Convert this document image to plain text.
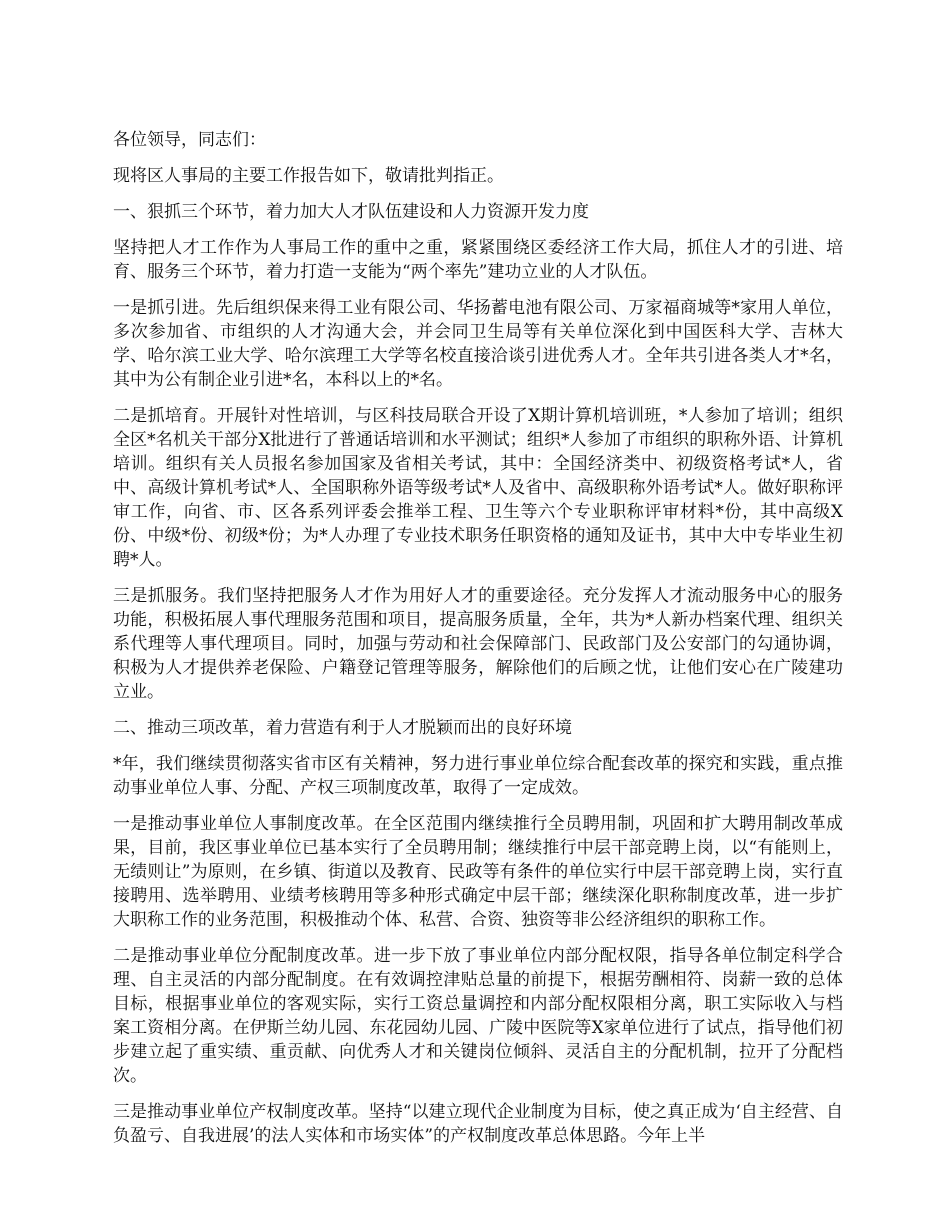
各位领导，同志们：

现将区人事局的主要工作报告如下，敬请批判指正。

一、狠抓三个环节，着力加大人才队伍建设和人力资源开发力度

坚持把人才工作作为人事局工作的重中之重，紧紧围绕区委经济工作大局，抓住人才的引进、培育、服务三个环节，着力打造一支能为“两个率先”建功立业的人才队伍。

一是抓引进。先后组织保来得工业有限公司、华扬蓄电池有限公司、万家福商城等*家用人单位，多次参加省、市组织的人才沟通大会，并会同卫生局等有关单位深化到中国医科大学、吉林大学、哈尔滨工业大学、哈尔滨理工大学等名校直接洽谈引进优秀人才。全年共引进各类人才*名，其中为公有制企业引进*名，本科以上的*名。

二是抓培育。开展针对性培训，与区科技局联合开设了X期计算机培训班，*人参加了培训；组织全区*名机关干部分X批进行了普通话培训和水平测试；组织*人参加了市组织的职称外语、计算机培训。组织有关人员报名参加国家及省相关考试，其中：全国经济类中、初级资格考试*人，省中、高级计算机考试*人、全国职称外语等级考试*人及省中、高级职称外语考试*人。做好职称评审工作，向省、市、区各系列评委会推举工程、卫生等六个专业职称评审材料*份，其中高级X份、中级*份、初级*份；为*人办理了专业技术职务任职资格的通知及证书，其中大中专毕业生初聘*人。

三是抓服务。我们坚持把服务人才作为用好人才的重要途径。充分发挥人才流动服务中心的服务功能，积极拓展人事代理服务范围和项目，提高服务质量，全年，共为*人新办档案代理、组织关系代理等人事代理项目。同时，加强与劳动和社会保障部门、民政部门及公安部门的勾通协调，积极为人才提供养老保险、户籍登记管理等服务，解除他们的后顾之忧，让他们安心在广陵建功立业。

二、推动三项改革，着力营造有利于人才脱颖而出的良好环境

*年，我们继续贯彻落实省市区有关精神，努力进行事业单位综合配套改革的探究和实践，重点推动事业单位人事、分配、产权三项制度改革，取得了一定成效。

一是推动事业单位人事制度改革。在全区范围内继续推行全员聘用制，巩固和扩大聘用制改革成果，目前，我区事业单位已基本实行了全员聘用制；继续推行中层干部竞聘上岗，以“有能则上，无绩则让”为原则，在乡镇、街道以及教育、民政等有条件的单位实行中层干部竞聘上岗，实行直接聘用、选举聘用、业绩考核聘用等多种形式确定中层干部；继续深化职称制度改革，进一步扩大职称工作的业务范围，积极推动个体、私营、合资、独资等非公经济组织的职称工作。

二是推动事业单位分配制度改革。进一步下放了事业单位内部分配权限，指导各单位制定科学合理、自主灵活的内部分配制度。在有效调控津贴总量的前提下，根据劳酬相符、岗薪一致的总体目标，根据事业单位的客观实际，实行工资总量调控和内部分配权限相分离，职工实际收入与档案工资相分离。在伊斯兰幼儿园、东花园幼儿园、广陵中医院等X家单位进行了试点，指导他们初步建立起了重实绩、重贡献、向优秀人才和关键岗位倾斜、灵活自主的分配机制，拉开了分配档次。

三是推动事业单位产权制度改革。坚持“以建立现代企业制度为目标，使之真正成为‘自主经营、自负盈亏、自我进展’的法人实体和市场实体”的产权制度改革总体思路。今年上半
